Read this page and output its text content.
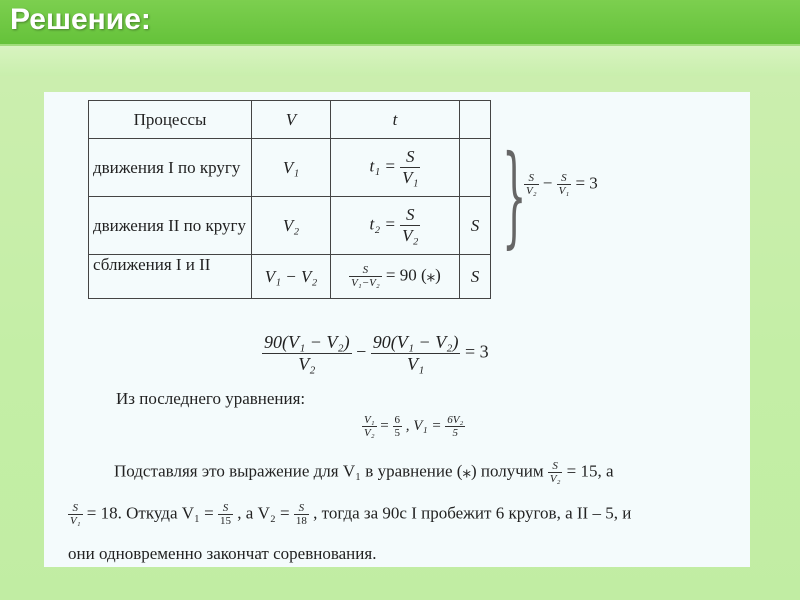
Решение:
Процессы	V	t	
движения I по кругу	V₁	$t_1 = \frac{S}{\text{V₁}}$

движения II по кругу	V₂	$t_2 = \frac{S}{\text{V₂}}$	S
сближения I и II	V₁ − V₂	$\frac{S}{\text{V₁−V₂}} = 90$ (⁎)	S
}
$\frac{S}{\text{V₂}} - \frac{S}{\text{V₁}} = 3$
$\frac{\text{90(V₁ − V₂)}}{\text{V₂}} - \frac{\text{90(V₁ − V₂)}}{\text{V₁}} = 3$
Из последнего уравнения:
$\frac{\text{V₁}}{\text{V₂}} = \frac{6}{5}$ , $V_1 = \frac{\text{6V₂}}{5}$
Подставляя это выражение для V₁ в уравнение (⁎) получим $\frac{S}{\text{V₂}} = 15$, а
$\frac{S}{\text{V₁}} = 18$. Откуда $V_1 = \frac{S}{15}$ , а $V_2 = \frac{S}{18}$ , тогда за 90с I пробежит 6 кругов, а II – 5, и
они одновременно закончат соревнования.
